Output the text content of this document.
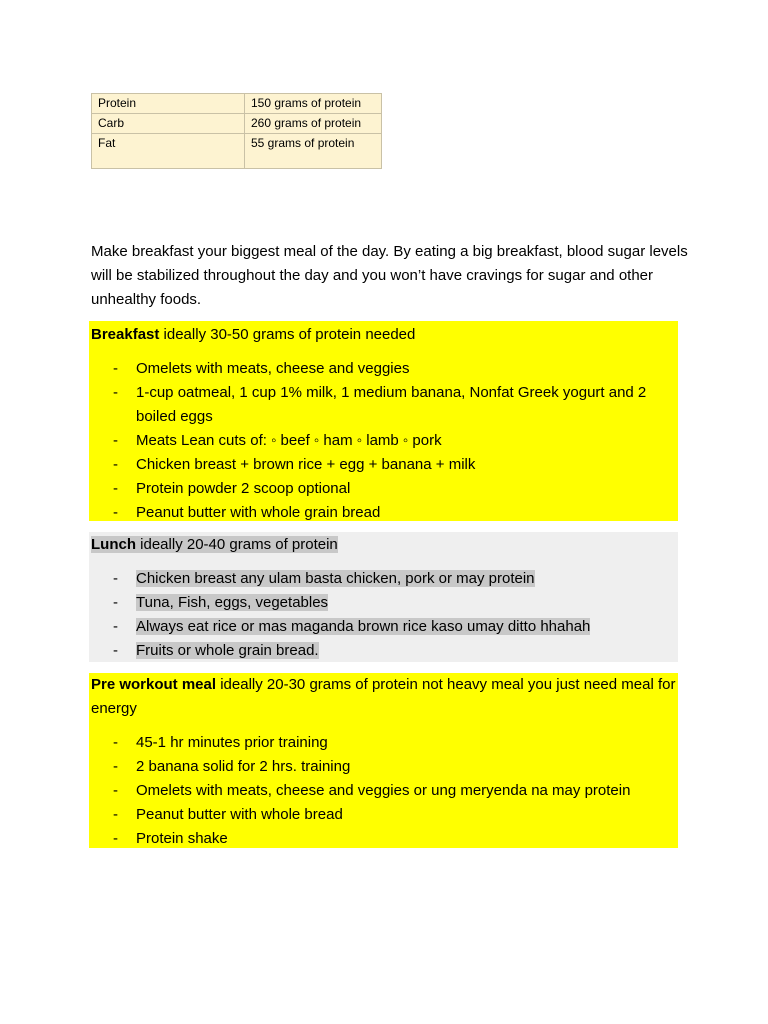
Protein	150 grams of protein
Carb	260 grams of protein
Fat	55 grams of protein

Make breakfast your biggest meal of the day. By eating a big breakfast, blood sugar levels will be stabilized throughout the day and you won’t have cravings for sugar and other unhealthy foods.

Breakfast ideally 30-50 grams of protein needed

- Omelets with meats, cheese and veggies
- 1-cup oatmeal, 1 cup 1% milk, 1 medium banana, Nonfat Greek yogurt and 2 boiled eggs
- Meats Lean cuts of: ◦ beef ◦ ham ◦ lamb ◦ pork
- Chicken breast + brown rice + egg + banana + milk
- Protein powder 2 scoop optional
- Peanut butter with whole grain bread

Lunch ideally 20-40 grams of protein

- Chicken breast any ulam basta chicken, pork or may protein
- Tuna, Fish, eggs, vegetables
- Always eat rice or mas maganda brown rice kaso umay ditto hhahah
- Fruits or whole grain bread.

Pre workout meal ideally 20-30 grams of protein not heavy meal you just need meal for energy

- 45-1 hr minutes prior training
- 2 banana solid for 2 hrs. training
- Omelets with meats, cheese and veggies or ung meryenda na may protein
- Peanut butter with whole bread
- Protein shake
